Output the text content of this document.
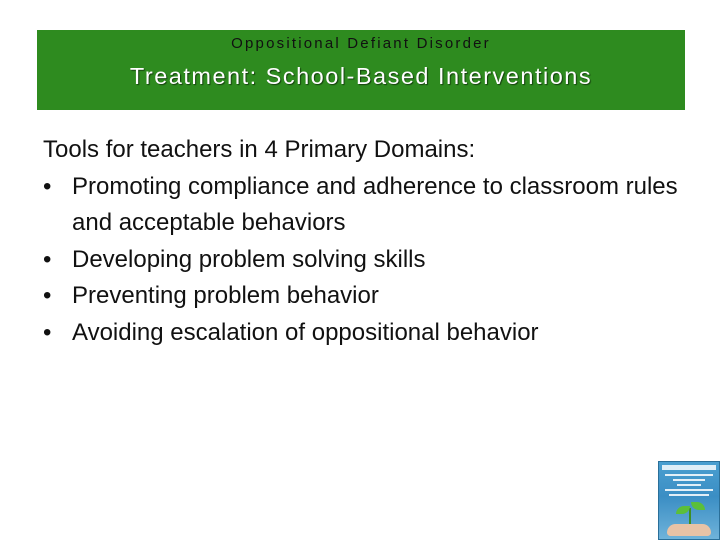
Oppositional Defiant Disorder
Treatment: School-Based Interventions

Tools for teachers in 4 Primary Domains:

• Promoting compliance and adherence to classroom rules and acceptable behaviors
• Developing problem solving skills
• Preventing problem behavior
• Avoiding escalation of oppositional behavior
